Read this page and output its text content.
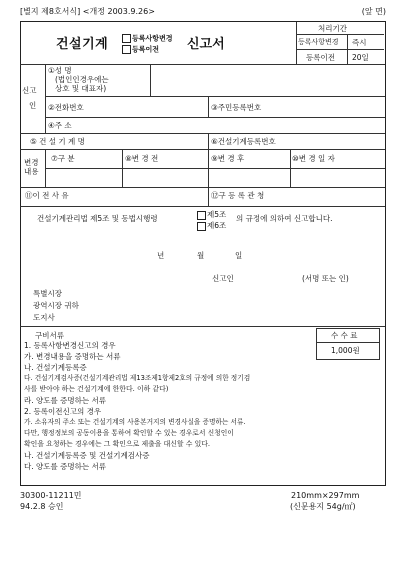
[별지 제8호서식] <개정 2003.9.26>	(앞 면)
건설기계	등록사항변경
등록이전 신고서
처리기간
등록사항변경 즉시
등록이전 20일
신고
인
①성 명
(법인인경우에는
상호 및 대표자)
②전화번호	③주민등록번호
④주 소
⑤ 건 설 기 계 명	⑥건설기계등록번호
변경
내용
⑦구 분	⑧변 경 전	⑨변 경 후	⑩변 경 일 자
⑪이 전 사 유	⑫구 등 록 관 청
건설기계관리법 제5조 및 동법시행령	제5조
제6조
의 규정에 의하여 신고합니다.
년	월	일
신고인	(서명 또는 인)
특별시장
광역시장 귀하
도지사
구비서류	수 수 료
1,000원
1. 등록사항변경신고의 경우
가. 변경내용을 증명하는 서류
나. 건설기계등록증
다. 건설기계검사증(건설기계관리법 제13조제1항제2호의 규정에 의한 정기검
사를 받아야 하는 건설기계에 한한다. 이하 같다)
라. 양도를 증명하는 서류
2. 등록이전신고의 경우
가. 소유자의 주소 또는 건설기계의 사용본거지의 변경사실을 증명하는 서류.
다만, 행정정보의 공동이용을 통하여 확인할 수 있는 경우로서 신청인이
확인을 요청하는 경우에는 그 확인으로 제출을 대신할 수 있다.
나. 건설기계등록증 및 건설기계검사증
다. 양도를 증명하는 서류
30300-11211민
94.2.8 승인
210mm×297mm
(신문용지 54g/㎡)
